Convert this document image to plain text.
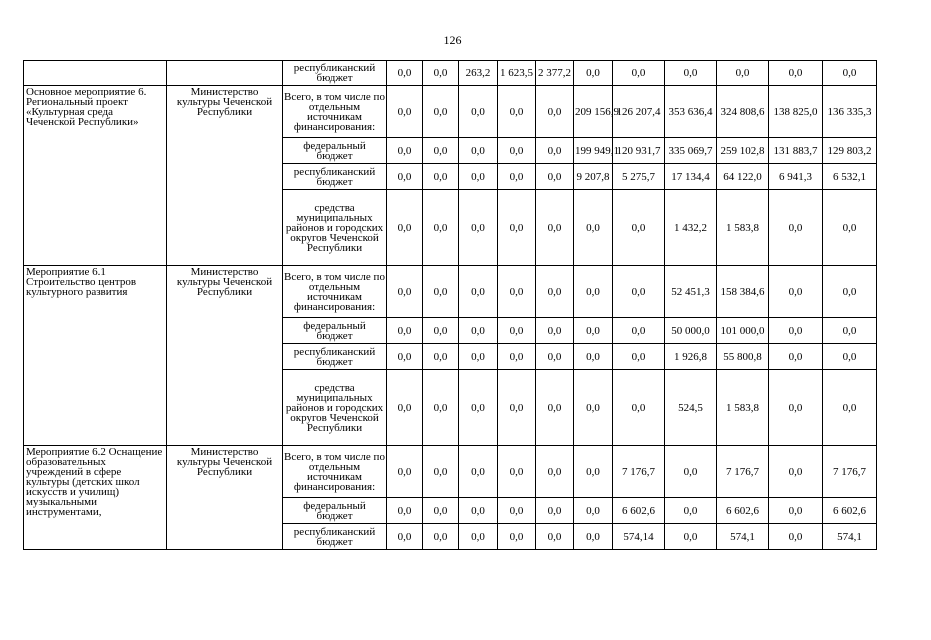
126
		республиканский бюджет	0,0	0,0	263,2	1 623,5	2 377,2	0,0	0,0	0,0	0,0	0,0	0,0
Основное мероприятие 6. Региональный проект «Культурная среда Чеченской Республики»	Министерство культуры Чеченской Республики	Всего, в том числе по отдельным источникам финансирования:	0,0	0,0	0,0	0,0	0,0	209 156,9	126 207,4	353 636,4	324 808,6	138 825,0	136 335,3
		федеральный бюджет	0,0	0,0	0,0	0,0	0,0	199 949,1	120 931,7	335 069,7	259 102,8	131 883,7	129 803,2
		республиканский бюджет	0,0	0,0	0,0	0,0	0,0	9 207,8	5 275,7	17 134,4	64 122,0	6 941,3	6 532,1
		средства муниципальных районов и городских округов Чеченской Республики	0,0	0,0	0,0	0,0	0,0	0,0	0,0	1 432,2	1 583,8	0,0	0,0
Мероприятие 6.1 Строительство центров культурного развития	Министерство культуры Чеченской Республики	Всего, в том числе по отдельным источникам финансирования:	0,0	0,0	0,0	0,0	0,0	0,0	0,0	52 451,3	158 384,6	0,0	0,0
		федеральный бюджет	0,0	0,0	0,0	0,0	0,0	0,0	0,0	50 000,0	101 000,0	0,0	0,0
		республиканский бюджет	0,0	0,0	0,0	0,0	0,0	0,0	0,0	1 926,8	55 800,8	0,0	0,0
		средства муниципальных районов и городских округов Чеченской Республики	0,0	0,0	0,0	0,0	0,0	0,0	0,0	524,5	1 583,8	0,0	0,0
Мероприятие 6.2 Оснащение образовательных учреждений в сфере культуры (детских школ искусств и училищ) музыкальными инструментами,	Министерство культуры Чеченской Республики	Всего, в том числе по отдельным источникам финансирования:	0,0	0,0	0,0	0,0	0,0	0,0	7 176,7	0,0	7 176,7	0,0	7 176,7
		федеральный бюджет	0,0	0,0	0,0	0,0	0,0	0,0	6 602,6	0,0	6 602,6	0,0	6 602,6
		республиканский бюджет	0,0	0,0	0,0	0,0	0,0	0,0	574,14	0,0	574,1	0,0	574,1
